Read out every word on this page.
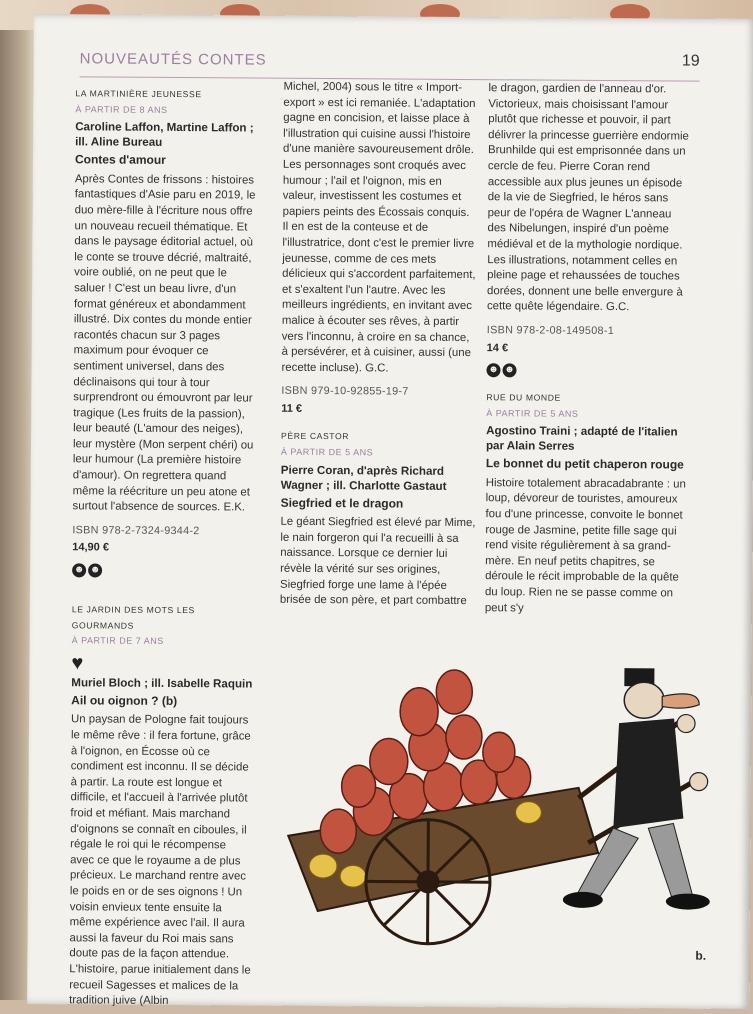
NOUVEAUTÉS CONTES	19
LA MARTINIÈRE JEUNESSE
À PARTIR DE 8 ANS
Caroline Laffon, Martine Laffon ; ill. Aline Bureau
Contes d'amour

Après Contes de frissons : histoires fantastiques d'Asie paru en 2019, le duo mère-fille à l'écriture nous offre un nouveau recueil thématique. Et dans le paysage éditorial actuel, où le conte se trouve décrié, maltraité, voire oublié, on ne peut que le saluer ! C'est un beau livre, d'un format généreux et abondamment illustré. Dix contes du monde entier racontés chacun sur 3 pages maximum pour évoquer ce sentiment universel, dans des déclinaisons qui tour à tour surprendront ou émouvront par leur tragique (Les fruits de la passion), leur beauté (L'amour des neiges), leur mystère (Mon serpent chéri) ou leur humour (La première histoire d'amour). On regrettera quand même la réécriture un peu atone et surtout l'absence de sources. E.K.

ISBN 978-2-7324-9344-2
14,90 €
☻ ☻
LE JARDIN DES MOTS LES GOURMANDS
À PARTIR DE 7 ANS
♥
Muriel Bloch ; ill. Isabelle Raquin
Ail ou oignon ? (b)

Un paysan de Pologne fait toujours le même rêve : il fera fortune, grâce à l'oignon, en Écosse où ce condiment est inconnu. Il se décide à partir. La route est longue et difficile, et l'accueil à l'arrivée plutôt froid et méfiant. Mais marchand d'oignons se connaît en ciboules, il régale le roi qui le récompense avec ce que le royaume a de plus précieux. Le marchand rentre avec le poids en or de ses oignons ! Un voisin envieux tente ensuite la même expérience avec l'ail. Il aura aussi la faveur du Roi mais sans doute pas de la façon attendue. L'histoire, parue initialement dans le recueil Sagesses et malices de la tradition juive (Albin

Michel, 2004) sous le titre « Import-export » est ici remaniée. L'adaptation gagne en concision, et laisse place à l'illustration qui cuisine aussi l'histoire d'une manière savoureusement drôle. Les personnages sont croqués avec humour ; l'ail et l'oignon, mis en valeur, investissent les costumes et papiers peints des Écossais conquis. Il en est de la conteuse et de l'illustratrice, dont c'est le premier livre jeunesse, comme de ces mets délicieux qui s'accordent parfaitement, et s'exaltent l'un l'autre. Avec les meilleurs ingrédients, en invitant avec malice à écouter ses rêves, à partir vers l'inconnu, à croire en sa chance, à persévérer, et à cuisiner, aussi (une recette incluse). G.C.

ISBN 979-10-92855-19-7
11 €
PÈRE CASTOR
À PARTIR DE 5 ANS
Pierre Coran, d'après Richard Wagner ; ill. Charlotte Gastaut
Siegfried et le dragon

Le géant Siegfried est élevé par Mime, le nain forgeron qui l'a recueilli à sa naissance. Lorsque ce dernier lui révèle la vérité sur ses origines, Siegfried forge une lame à l'épée brisée de son père, et part combattre

le dragon, gardien de l'anneau d'or. Victorieux, mais choisissant l'amour plutôt que richesse et pouvoir, il part délivrer la princesse guerrière endormie Brunhilde qui est emprisonnée dans un cercle de feu. Pierre Coran rend accessible aux plus jeunes un épisode de la vie de Siegfried, le héros sans peur de l'opéra de Wagner L'anneau des Nibelungen, inspiré d'un poème médiéval et de la mythologie nordique. Les illustrations, notamment celles en pleine page et rehaussées de touches dorées, donnent une belle envergure à cette quête légendaire. G.C.

ISBN 978-2-08-149508-1
14 €
☻ ☻
RUE DU MONDE
À PARTIR DE 5 ANS
Agostino Traini ; adapté de l'italien par Alain Serres
Le bonnet du petit chaperon rouge

Histoire totalement abracadabrante : un loup, dévoreur de touristes, amoureux fou d'une princesse, convoite le bonnet rouge de Jasmine, petite fille sage qui rend visite régulièrement à sa grand-mère. En neuf petits chapitres, se déroule le récit improbable de la quête du loup. Rien ne se passe comme on peut s'y

b.
